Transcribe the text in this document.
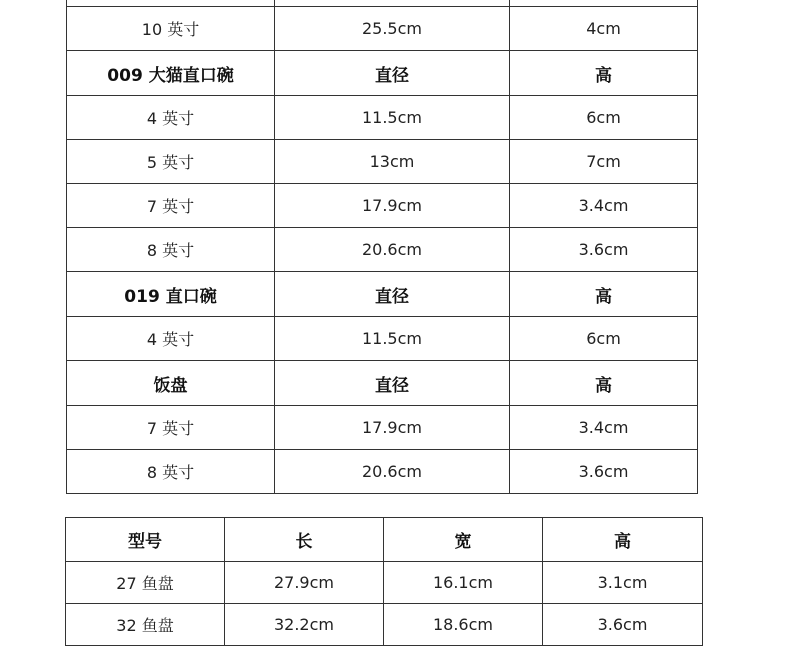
10 英寸	25.5cm	4cm
009 大猫直口碗	直径	高
4 英寸	11.5cm	6cm
5 英寸	13cm	7cm
7 英寸	17.9cm	3.4cm
8 英寸	20.6cm	3.6cm
019 直口碗	直径	高
4 英寸	11.5cm	6cm
饭盘	直径	高
7 英寸	17.9cm	3.4cm
8 英寸	20.6cm	3.6cm
型号	长	宽	高
27 鱼盘	27.9cm	16.1cm	3.1cm
32 鱼盘	32.2cm	18.6cm	3.6cm
